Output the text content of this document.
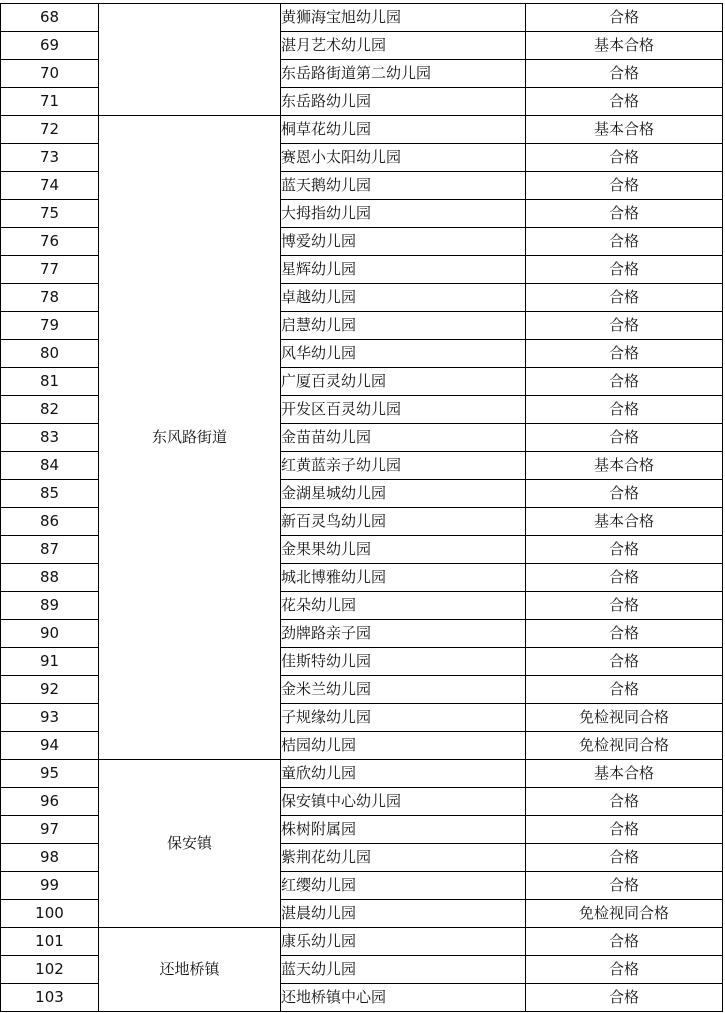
68		黄狮海宝旭幼儿园	合格
69		湛月艺术幼儿园	基本合格
70		东岳路街道第二幼儿园	合格
71		东岳路幼儿园	合格
72	东风路街道	桐草花幼儿园	基本合格
73		赛恩小太阳幼儿园	合格
74		蓝天鹅幼儿园	合格
75		大拇指幼儿园	合格
76		博爱幼儿园	合格
77		星辉幼儿园	合格
78		卓越幼儿园	合格
79		启慧幼儿园	合格
80		风华幼儿园	合格
81		广厦百灵幼儿园	合格
82		开发区百灵幼儿园	合格
83		金苗苗幼儿园	合格
84		红黄蓝亲子幼儿园	基本合格
85		金湖星城幼儿园	合格
86		新百灵鸟幼儿园	基本合格
87		金果果幼儿园	合格
88		城北博雅幼儿园	合格
89		花朵幼儿园	合格
90		劲牌路亲子园	合格
91		佳斯特幼儿园	合格
92		金米兰幼儿园	合格
93		子规缘幼儿园	免检视同合格
94		桔园幼儿园	免检视同合格
95	保安镇	童欣幼儿园	基本合格
96		保安镇中心幼儿园	合格
97		株树附属园	合格
98		紫荆花幼儿园	合格
99		红缨幼儿园	合格
100		湛晨幼儿园	免检视同合格
101	还地桥镇	康乐幼儿园	合格
102		蓝天幼儿园	合格
103		还地桥镇中心园	合格
